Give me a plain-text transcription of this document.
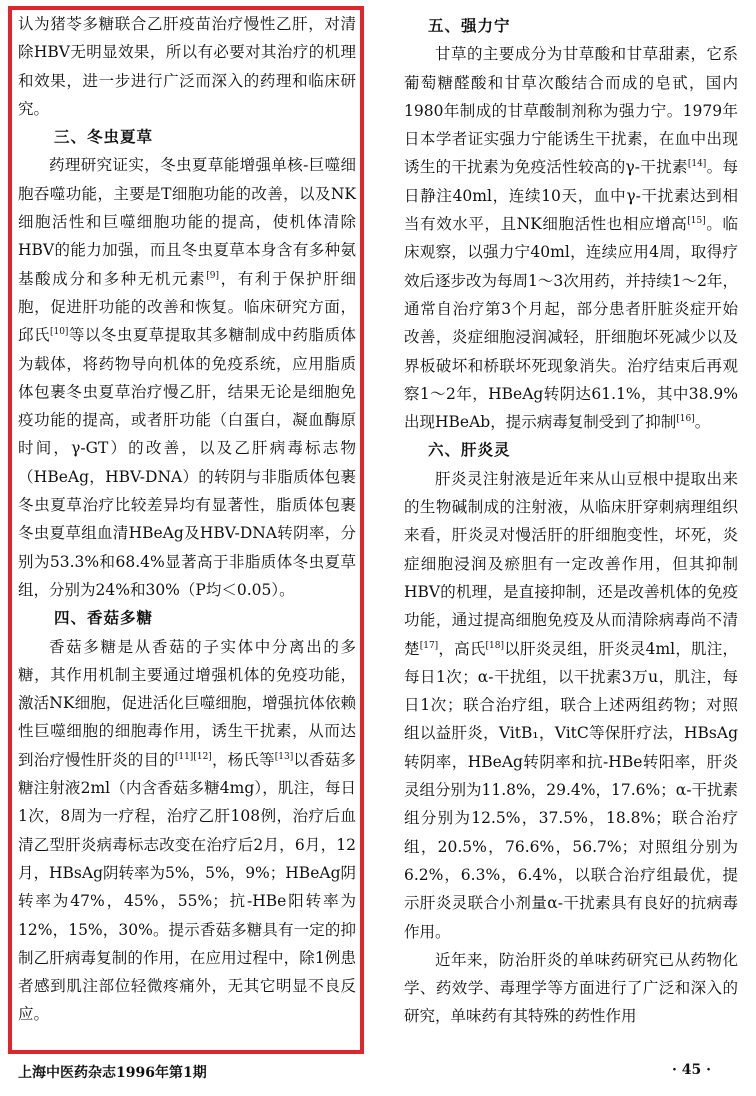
认为猪苓多糖联合乙肝疫苗治疗慢性乙肝，对清除HBV无明显效果，所以有必要对其治疗的机理和效果，进一步进行广泛而深入的药理和临床研究。

三、冬虫夏草

药理研究证实，冬虫夏草能增强单核-巨噬细胞吞噬功能，主要是T细胞功能的改善，以及NK细胞活性和巨噬细胞功能的提高，使机体清除HBV的能力加强，而且冬虫夏草本身含有多种氨基酸成分和多种无机元素[9]，有利于保护肝细胞，促进肝功能的改善和恢复。临床研究方面，邱氏[10]等以冬虫夏草提取其多糖制成中药脂质体为载体，将药物导向机体的免疫系统，应用脂质体包裹冬虫夏草治疗慢乙肝，结果无论是细胞免疫功能的提高，或者肝功能（白蛋白，凝血酶原时间，γ-GT）的改善，以及乙肝病毒标志物（HBeAg，HBV-DNA）的转阴与非脂质体包裹冬虫夏草治疗比较差异均有显著性，脂质体包裹冬虫夏草组血清HBeAg及HBV-DNA转阴率，分别为53.3%和68.4%显著高于非脂质体冬虫夏草组，分别为24%和30%（P均＜0.05）。

四、香菇多糖

香菇多糖是从香菇的子实体中分离出的多糖，其作用机制主要通过增强机体的免疫功能，激活NK细胞，促进活化巨噬细胞，增强抗体依赖性巨噬细胞的细胞毒作用，诱生干扰素，从而达到治疗慢性肝炎的目的[11][12]，杨氏等[13]以香菇多糖注射液2ml（内含香菇多糖4mg），肌注，每日1次，8周为一疗程，治疗乙肝108例，治疗后血清乙型肝炎病毒标志改变在治疗后2月，6月，12月，HBsAg阴转率为5%，5%，9%；HBeAg阴转率为47%，45%，55%；抗-HBe阳转率为12%，15%，30%。提示香菇多糖具有一定的抑制乙肝病毒复制的作用，在应用过程中，除1例患者感到肌注部位轻微疼痛外，无其它明显不良反应。

五、强力宁

甘草的主要成分为甘草酸和甘草甜素，它系葡萄糖醛酸和甘草次酸结合而成的皂甙，国内1980年制成的甘草酸制剂称为强力宁。1979年日本学者证实强力宁能诱生干扰素，在血中出现诱生的干扰素为免疫活性较高的γ-干扰素[14]。每日静注40ml，连续10天，血中γ-干扰素达到相当有效水平，且NK细胞活性也相应增高[15]。临床观察，以强力宁40ml，连续应用4周，取得疗效后逐步改为每周1～3次用药，并持续1～2年，通常自治疗第3个月起，部分患者肝脏炎症开始改善，炎症细胞浸润减轻，肝细胞坏死减少以及界板破坏和桥联坏死现象消失。治疗结束后再观察1～2年，HBeAg转阴达61.1%，其中38.9%出现HBeAb，提示病毒复制受到了抑制[16]。

六、肝炎灵

肝炎灵注射液是近年来从山豆根中提取出来的生物碱制成的注射液，从临床肝穿刺病理组织来看，肝炎灵对慢活肝的肝细胞变性，坏死，炎症细胞浸润及瘀胆有一定改善作用，但其抑制HBV的机理，是直接抑制，还是改善机体的免疫功能，通过提高细胞免疫及从而清除病毒尚不清楚[17]，高氏[18]以肝炎灵组，肝炎灵4ml，肌注，每日1次；α-干扰组，以干扰素3万u，肌注，每日1次；联合治疗组，联合上述两组药物；对照组以益肝炎，VitB₁，VitC等保肝疗法，HBsAg转阴率，HBeAg转阴率和抗-HBe转阳率，肝炎灵组分别为11.8%，29.4%，17.6%；α-干扰素组分别为12.5%，37.5%，18.8%；联合治疗组，20.5%，76.6%，56.7%；对照组分别为6.2%，6.3%，6.4%，以联合治疗组最优，提示肝炎灵联合小剂量α-干扰素具有良好的抗病毒作用。

近年来，防治肝炎的单味药研究已从药物化学、药效学、毒理学等方面进行了广泛和深入的研究，单味药有其特殊的药性作用

上海中医药杂志1996年第1期	· 45 ·
